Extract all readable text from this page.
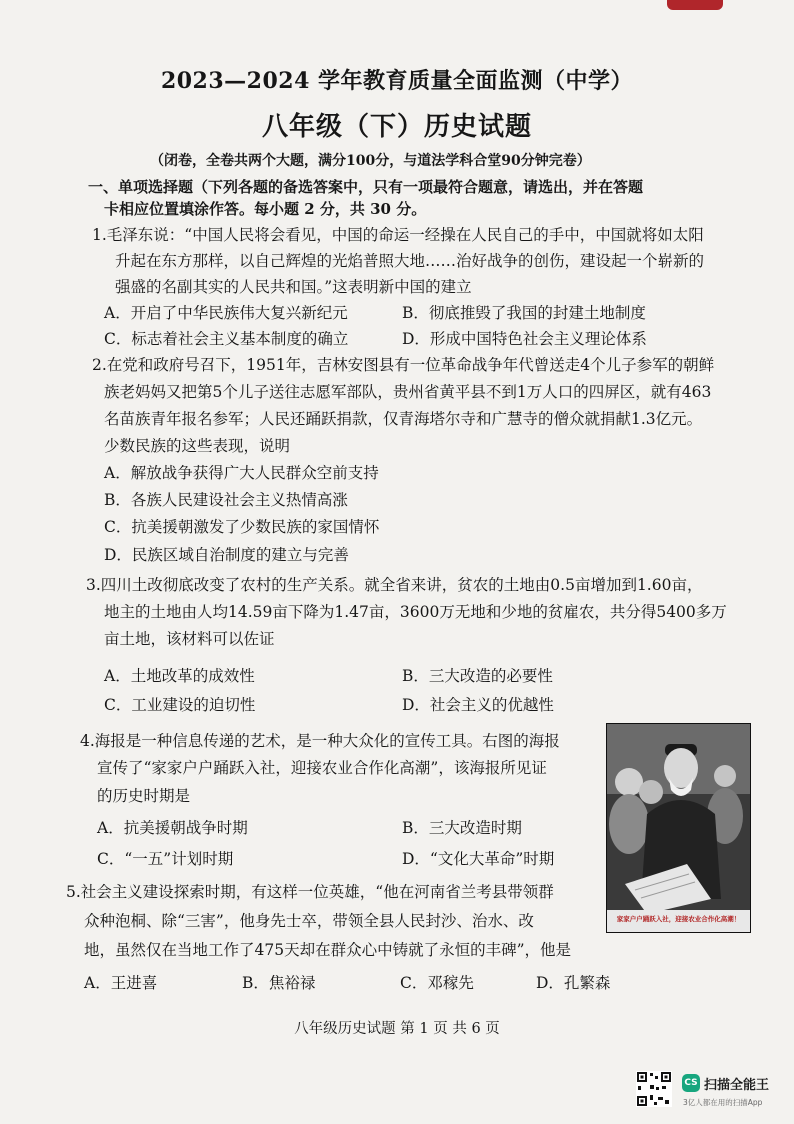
2023—2024 学年教育质量全面监测（中学）
八年级（下）历史试题
（闭卷，全卷共两个大题，满分100分，与道法学科合堂90分钟完卷）
一、单项选择题（下列各题的备选答案中，只有一项最符合题意，请选出，并在答题
卡相应位置填涂作答。每小题 2 分，共 30 分。
1.毛泽东说：“中国人民将会看见，中国的命运一经操在人民自己的手中，中国就将如太阳
升起在东方那样，以自己辉煌的光焰普照大地……治好战争的创伤，建设起一个崭新的
强盛的名副其实的人民共和国。”这表明新中国的建立
A．开启了中华民族伟大复兴新纪元	B．彻底推毁了我国的封建土地制度
C．标志着社会主义基本制度的确立	D．形成中国特色社会主义理论体系
2.在党和政府号召下，1951年，吉林安图县有一位革命战争年代曾送走4个儿子参军的朝鲜
族老妈妈又把第5个儿子送往志愿军部队，贵州省黄平县不到1万人口的四屏区，就有463
名苗族青年报名参军；人民还踊跃捐款，仅青海塔尔寺和广慧寺的僧众就捐献1.3亿元。
少数民族的这些表现，说明
A．解放战争获得广大人民群众空前支持
B．各族人民建设社会主义热情高涨
C．抗美援朝激发了少数民族的家国情怀
D．民族区域自治制度的建立与完善
3.四川土改彻底改变了农村的生产关系。就全省来讲，贫农的土地由0.5亩增加到1.60亩，
地主的土地由人均14.59亩下降为1.47亩，3600万无地和少地的贫雇农，共分得5400多万
亩土地，该材料可以佐证
A．土地改革的成效性	B．三大改造的必要性
C．工业建设的迫切性	D．社会主义的优越性
4.海报是一种信息传递的艺术，是一种大众化的宣传工具。右图的海报
宣传了“家家户户踊跃入社，迎接农业合作化高潮”，该海报所见证
的历史时期是
A．抗美援朝战争时期	B．三大改造时期
C．“一五”计划时期	D．“文化大革命”时期
家家户户踊跃入社，迎接农业合作化高潮！
5.社会主义建设探索时期，有这样一位英雄，“他在河南省兰考县带领群
众种泡桐、除“三害”，他身先士卒，带领全县人民封沙、治水、改
地，虽然仅在当地工作了475天却在群众心中铸就了永恒的丰碑”，他是
A．王进喜	B．焦裕禄	C．邓稼先	D．孔繁森
八年级历史试题 第 1 页 共 6 页
CS 扫描全能王
3亿人都在用的扫描App
